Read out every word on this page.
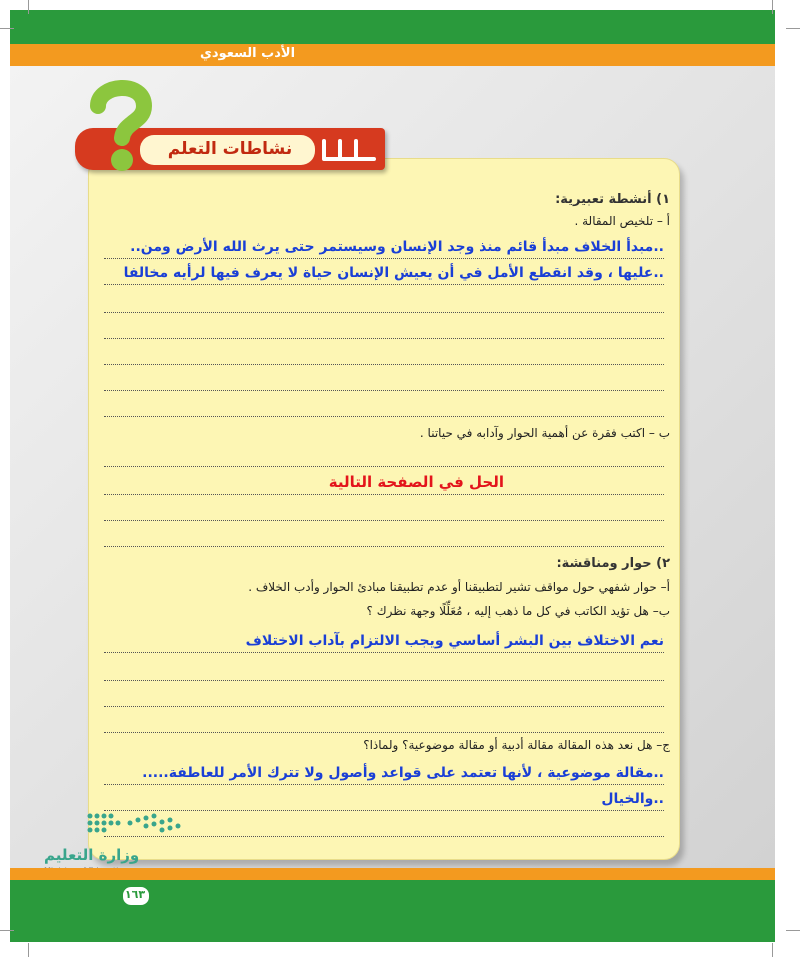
الأدب السعودي
نشاطات التعلم
١) أنشطة تعبيرية:
أ – تلخيص المقالة .
..مبدأ الخلاف مبدأ قائم منذ وجد الإنسان وسيستمر حتى يرث الله الأرض ومن..
..عليها ، وقد انقطع الأمل في أن يعيش الإنسان حياة لا يعرف فيها لرأيه مخالفا
ب – اكتب فقرة عن أهمية الحوار وآدابه في حياتنا .
الحل في الصفحة التالية
٢) حوار ومناقشة:
أ– حوار شفهي حول مواقف تشير لتطبيقنا أو عدم تطبيقنا مبادئ الحوار وأدب الخلاف .
ب– هل تؤيد الكاتب في كل ما ذهب إليه ، مُعَلِّلًا وجهة نظرك ؟
نعم الاختلاف بين البشر أساسي ويجب الالتزام بآداب الاختلاف
ج– هل نعد هذه المقالة مقالة أدبية أو مقالة موضوعية؟ ولماذا؟
..مقالة موضوعية ، لأنها تعتمد على قواعد وأصول ولا تترك الأمر للعاطفة.....
..والخيال
وزارة التعليم
١٦٣
